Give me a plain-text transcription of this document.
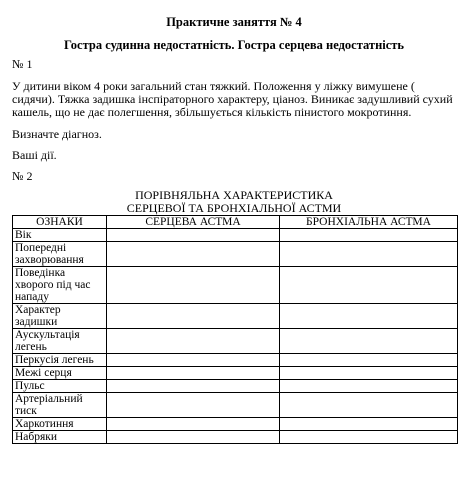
Практичне заняття № 4
Гостра судинна недостатність. Гостра серцева недостатність
№ 1
У дитини віком 4 роки загальний стан тяжкий. Положення у ліжку вимушене ( сидячи). Тяжка задишка інспіраторного характеру, ціаноз. Виникає задушливий сухий кашель, що не дає полегшення, збільшується кількість пінистого мокротиння.
Визначте діагноз.
Ваші дії.
№ 2
ПОРІВНЯЛЬНА ХАРАКТЕРИСТИКА
СЕРЦЕВОЇ ТА БРОНХІАЛЬНОЇ АСТМИ
ОЗНАКИ	СЕРЦЕВА АСТМА	БРОНХІАЛЬНА АСТМА
Вік		
Попередні захворювання		
Поведінка хворого під час нападу		
Характер задишки		
Аускультація легень		
Перкусія легень		
Межі серця		
Пульс		
Артеріальний тиск		
Харкотиння		
Набряки		
